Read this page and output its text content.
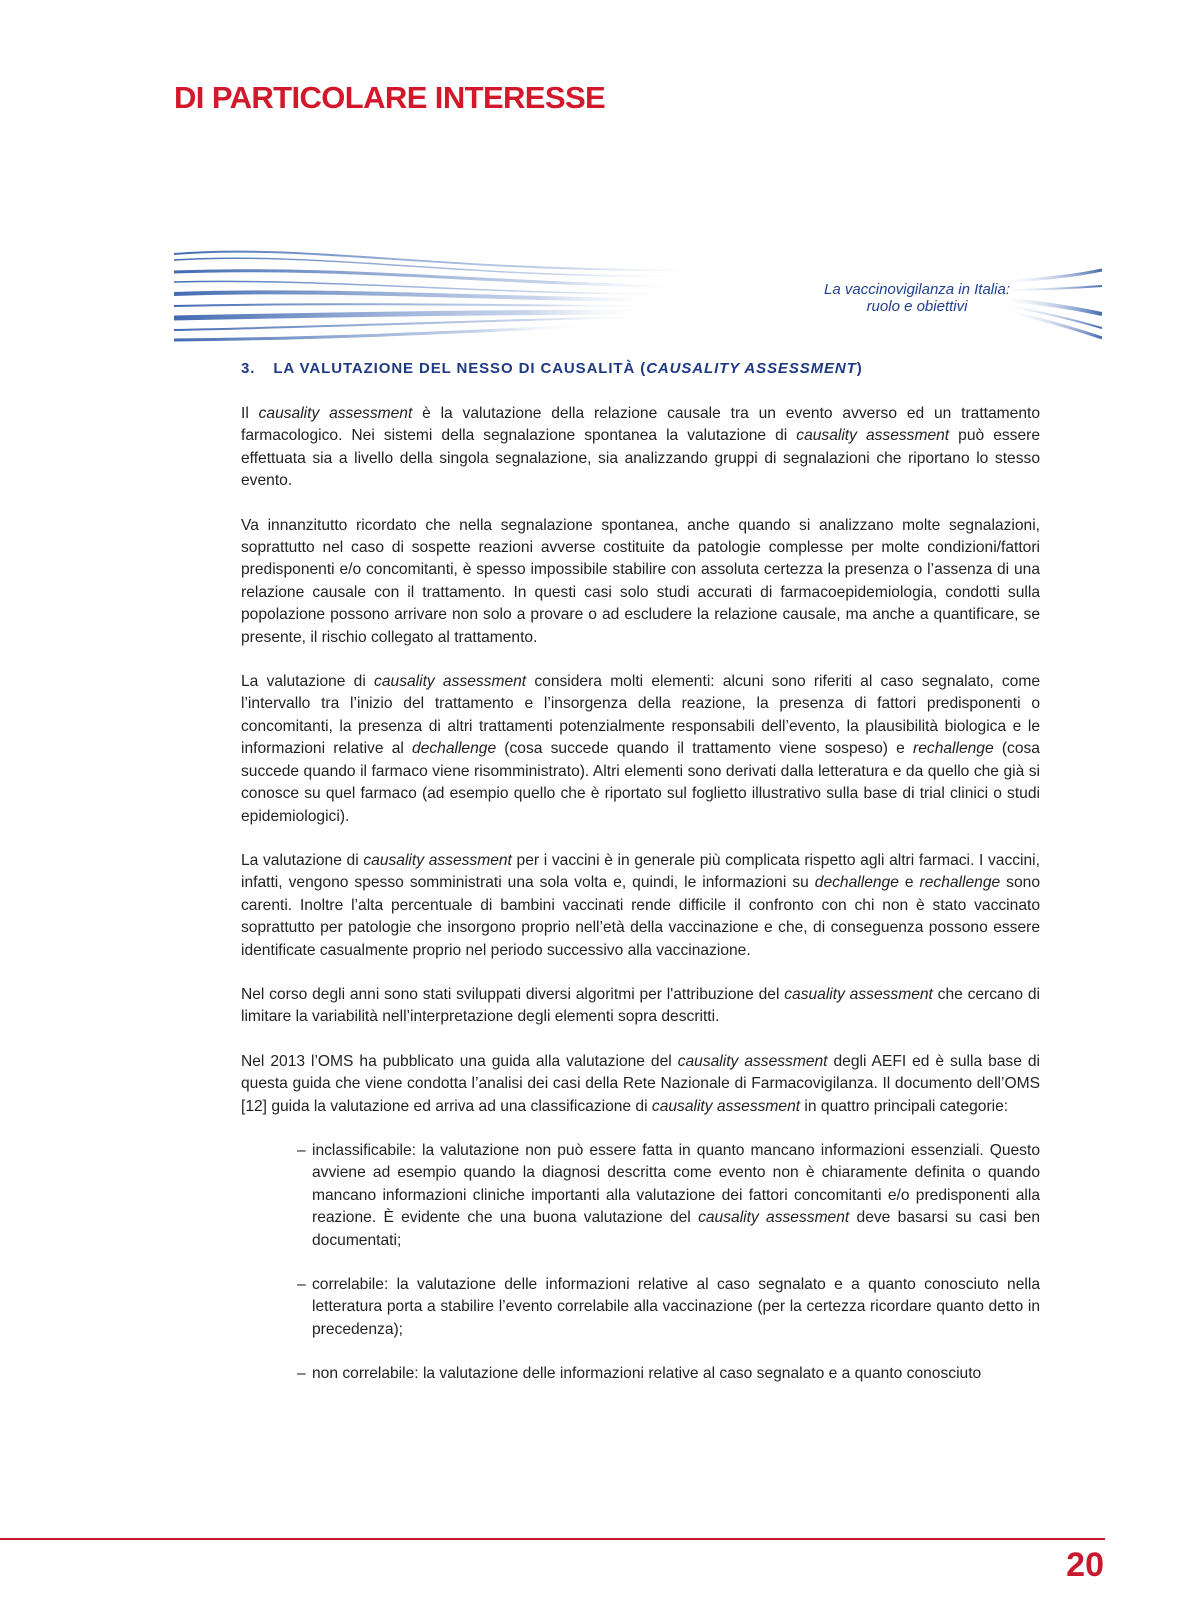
DI PARTICOLARE INTERESSE
La vaccinovigilanza in Italia:
ruolo e obiettivi
3. LA VALUTAZIONE DEL NESSO DI CAUSALITÀ (CAUSALITY ASSESSMENT)

Il causality assessment è la valutazione della relazione causale tra un evento avverso ed un trattamento farmacologico. Nei sistemi della segnalazione spontanea la valutazione di causality assessment può essere effettuata sia a livello della singola segnalazione, sia analizzando gruppi di segnalazioni che riportano lo stesso evento.

Va innanzitutto ricordato che nella segnalazione spontanea, anche quando si analizzano molte segnalazioni, soprattutto nel caso di sospette reazioni avverse costituite da patologie complesse per molte condizioni/fattori predisponenti e/o concomitanti, è spesso impossibile stabilire con assoluta certezza la presenza o l’assenza di una relazione causale con il trattamento. In questi casi solo studi accurati di farmacoepidemiologia, condotti sulla popolazione possono arrivare non solo a provare o ad escludere la relazione causale, ma anche a quantificare, se presente, il rischio collegato al trattamento.

La valutazione di causality assessment considera molti elementi: alcuni sono riferiti al caso segnalato, come l’intervallo tra l’inizio del trattamento e l’insorgenza della reazione, la presenza di fattori predisponenti o concomitanti, la presenza di altri trattamenti potenzialmente responsabili dell’evento, la plausibilità biologica e le informazioni relative al dechallenge (cosa succede quando il trattamento viene sospeso) e rechallenge (cosa succede quando il farmaco viene risomministrato). Altri elementi sono derivati dalla letteratura e da quello che già si conosce su quel farmaco (ad esempio quello che è riportato sul foglietto illustrativo sulla base di trial clinici o studi epidemiologici).

La valutazione di causality assessment per i vaccini è in generale più complicata rispetto agli altri farmaci. I vaccini, infatti, vengono spesso somministrati una sola volta e, quindi, le informazioni su dechallenge e rechallenge sono carenti. Inoltre l’alta percentuale di bambini vaccinati rende difficile il confronto con chi non è stato vaccinato soprattutto per patologie che insorgono proprio nell’età della vaccinazione e che, di conseguenza possono essere identificate casualmente proprio nel periodo successivo alla vaccinazione.

Nel corso degli anni sono stati sviluppati diversi algoritmi per l'attribuzione del casuality assessment che cercano di limitare la variabilità nell’interpretazione degli elementi sopra descritti.

Nel 2013 l’OMS ha pubblicato una guida alla valutazione del causality assessment degli AEFI ed è sulla base di questa guida che viene condotta l’analisi dei casi della Rete Nazionale di Farmacovigilanza. Il documento dell’OMS [12] guida la valutazione ed arriva ad una classificazione di causality assessment in quattro principali categorie:

– inclassificabile: la valutazione non può essere fatta in quanto mancano informazioni essenziali. Questo avviene ad esempio quando la diagnosi descritta come evento non è chiaramente definita o quando mancano informazioni cliniche importanti alla valutazione dei fattori concomitanti e/o predisponenti alla reazione. È evidente che una buona valutazione del causality assessment deve basarsi su casi ben documentati;
– correlabile: la valutazione delle informazioni relative al caso segnalato e a quanto conosciuto nella letteratura porta a stabilire l’evento correlabile alla vaccinazione (per la certezza ricordare quanto detto in precedenza);
– non correlabile: la valutazione delle informazioni relative al caso segnalato e a quanto conosciuto
20
